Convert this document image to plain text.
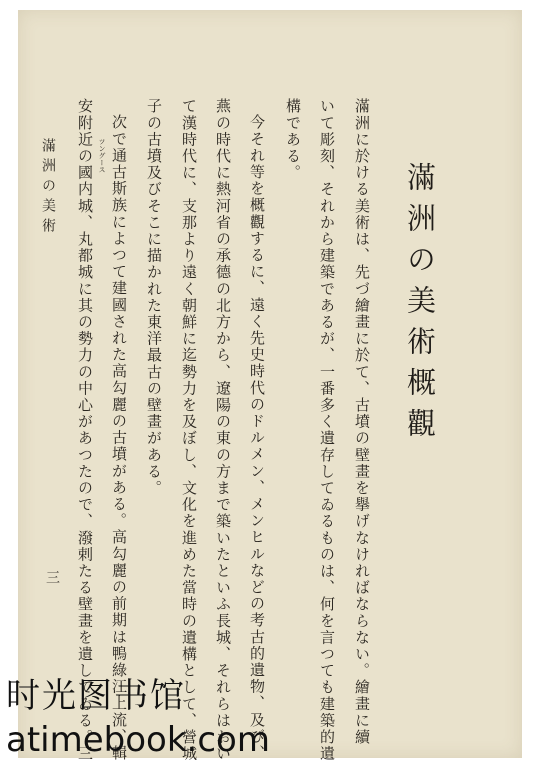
滿洲の美術概觀
滿洲に於ける美術は、先づ繪畫に於て、古墳の壁畫を擧げなければならない。繪畫に續
いて彫刻、それから建築であるが、一番多く遺存してゐるものは、何を言つても建築的遺
構である。
今それ等を概觀するに、遠く先史時代のドルメン、メンヒルなどの考古的遺物、及び、
燕の時代に熱河省の承德の北方から、遼陽の東の方まで築いたといふ長城、それらはおい
て漢時代に、支那より遠く朝鮮に迄勢力を及ぼし、文化を進めた當時の遺構として、營城
子の古墳及びそこに描かれた東洋最古の壁畫がある。
次で通古斯族によつて建國された高勾麗の古墳がある。高勾麗の前期は鴨綠江上流、輯
安附近の國内城、丸都城に其の勢力の中心があつたので、潑剌たる壁畫を遺してゐる。三 ツングース
滿洲の美術
三
时光图书馆
atimebook.com
